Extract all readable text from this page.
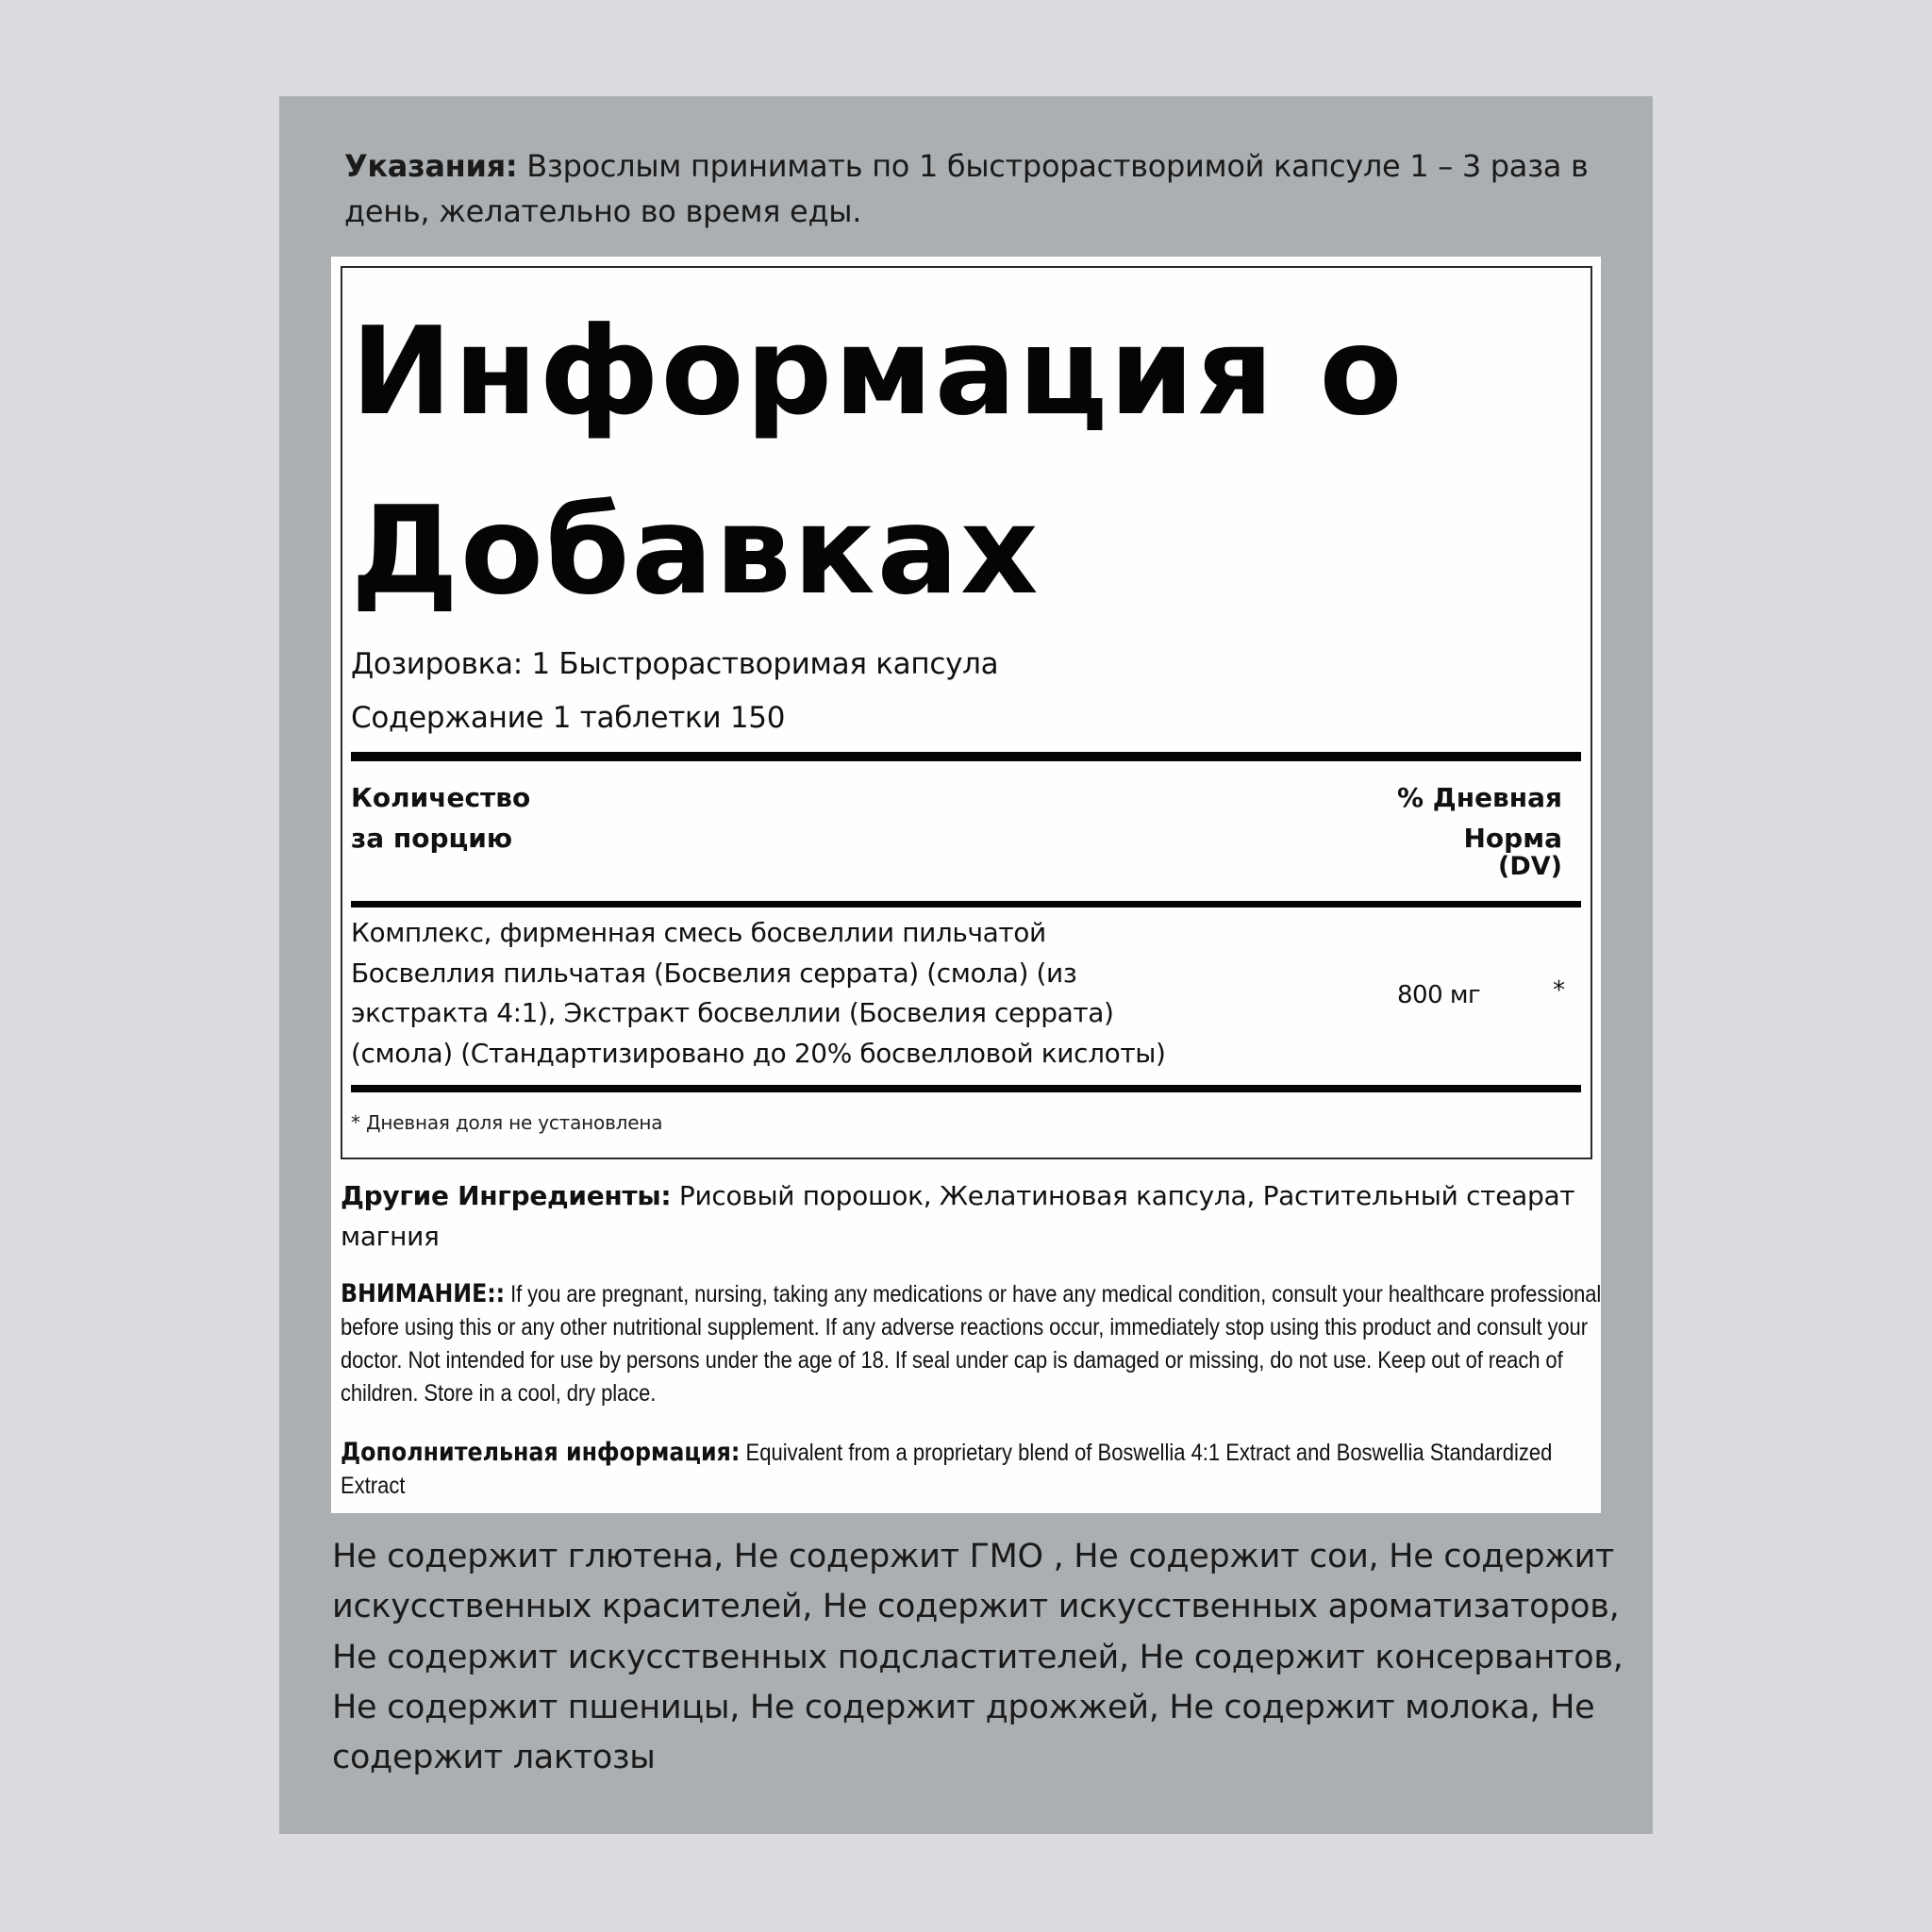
Указания: Взрослым принимать по 1 быстрорастворимой капсуле 1 – 3 раза в день, желательно во время еды.
Информация о
Добавках
Дозировка: 1 Быстрорастворимая капсула
Содержание 1 таблетки 150
Количество
за порцию
% Дневная
Норма
(DV)
Комплекс, фирменная смесь босвеллии пильчатой
Босвеллия пильчатая (Босвелия серрата) (смола) (из
экстракта 4:1), Экстракт босвеллии (Босвелия серрата)
(смола) (Стандартизировано до 20% босвелловой кислоты)
800 мг	*
* Дневная доля не установлена
Другие Ингредиенты: Рисовый порошок, Желатиновая капсула, Растительный стеарат магния
ВНИМАНИЕ:: If you are pregnant, nursing, taking any medications or have any medical condition, consult your healthcare professional before using this or any other nutritional supplement. If any adverse reactions occur, immediately stop using this product and consult your doctor. Not intended for use by persons under the age of 18. If seal under cap is damaged or missing, do not use. Keep out of reach of children. Store in a cool, dry place.
Дополнительная информация: Equivalent from a proprietary blend of Boswellia 4:1 Extract and Boswellia Standardized Extract
Не содержит глютена, Не содержит ГМО , Не содержит сои, Не содержит искусственных красителей, Не содержит искусственных ароматизаторов, Не содержит искусственных подсластителей, Не содержит консервантов, Не содержит пшеницы, Не содержит дрожжей, Не содержит молока, Не содержит лактозы
